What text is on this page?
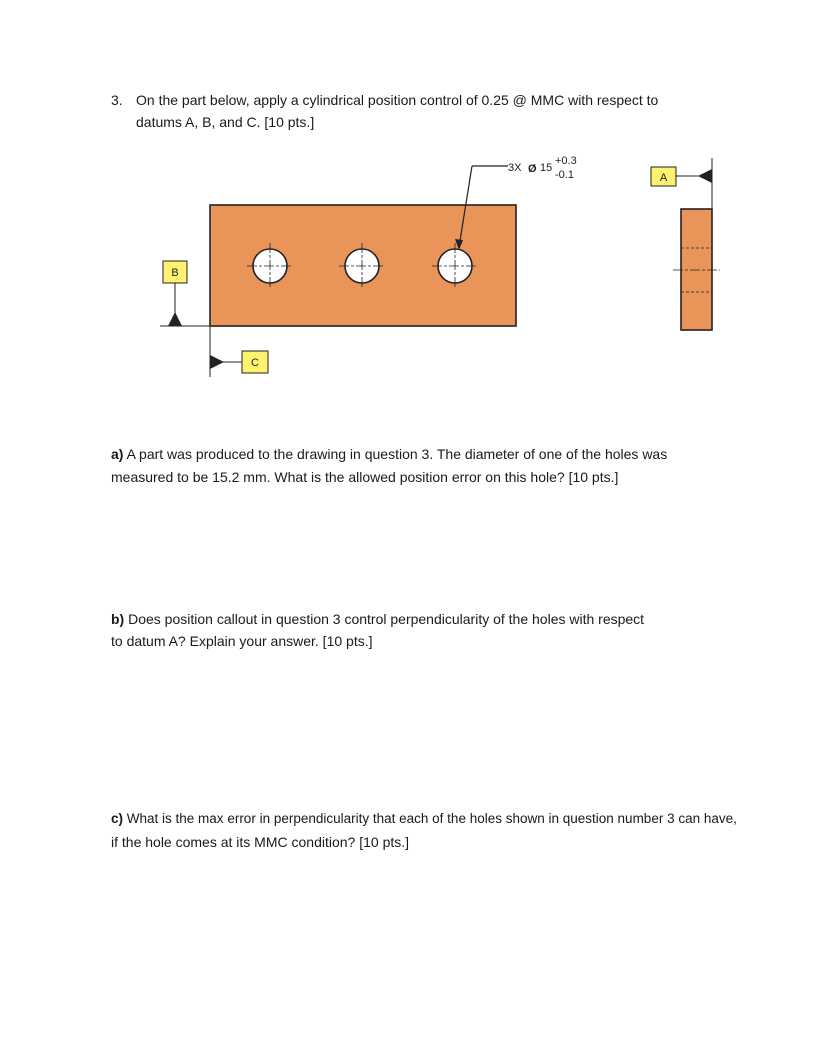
3. On the part below, apply a cylindrical position control of 0.25 @ MMC with respect to
datums A, B, and C. [10 pts.]
3X Ø 15
+0.3
-0.1	A
B
C
a) A part was produced to the drawing in question 3. The diameter of one of the holes was
measured to be 15.2 mm. What is the allowed position error on this hole? [10 pts.]
b) Does position callout in question 3 control perpendicularity of the holes with respect
to datum A? Explain your answer. [10 pts.]
c) What is the max error in perpendicularity that each of the holes shown in question number 3 can have,
if the hole comes at its MMC condition? [10 pts.]
